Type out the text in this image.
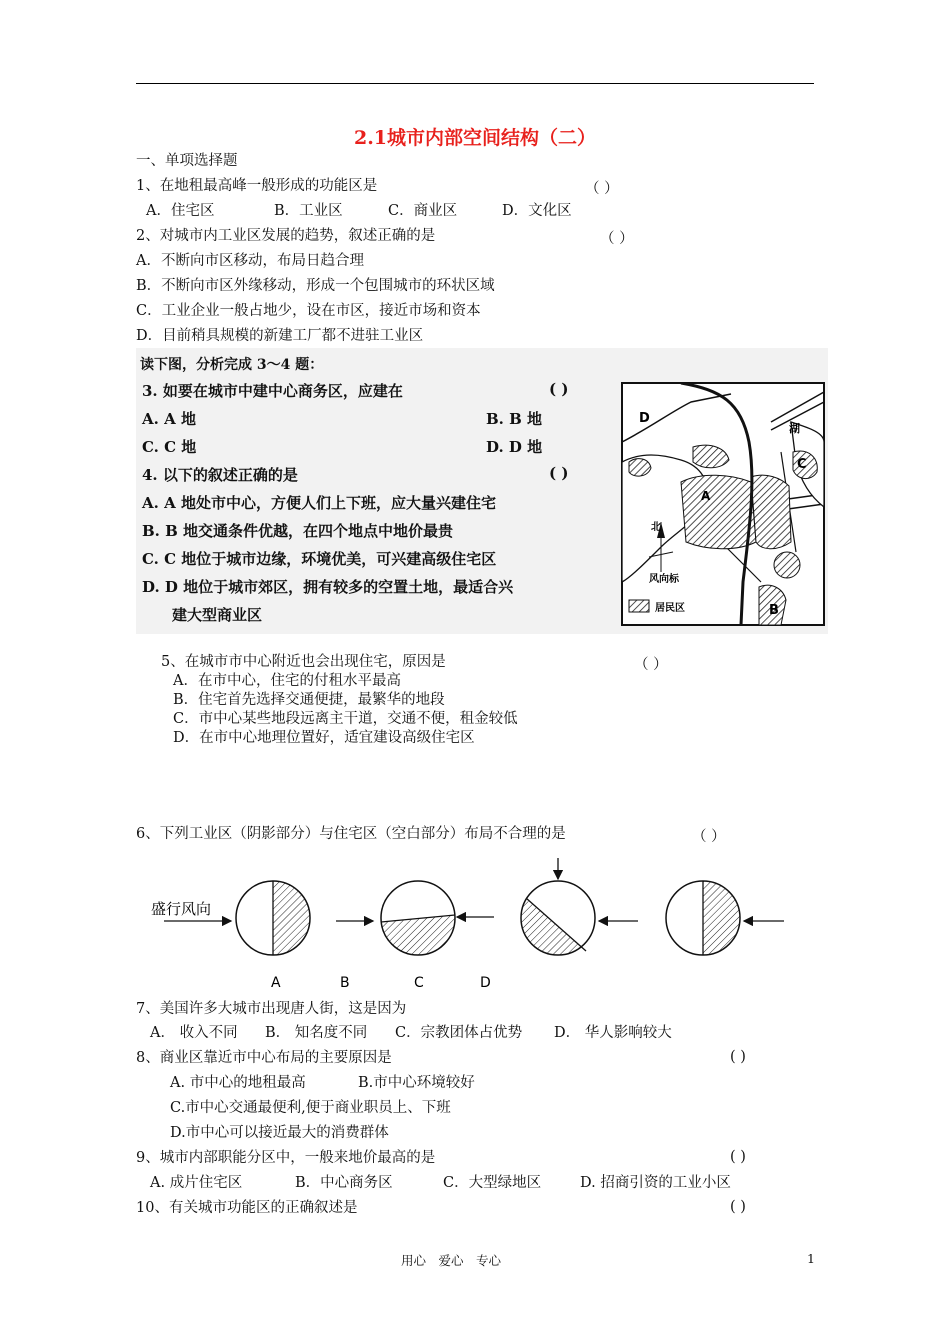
2.1城市内部空间结构（二）
一、单项选择题
1、在地租最高峰一般形成的功能区是	（ ）
A．住宅区	B．工业区	C．商业区	D．文化区
2、对城市内工业区发展的趋势，叙述正确的是	（ ）
A．不断向市区移动，布局日趋合理
B．不断向市区外缘移动，形成一个包围城市的环状区域
C．工业企业一般占地少，设在市区，接近市场和资本
D．目前稍具规模的新建工厂都不进驻工业区
读下图，分析完成 3～4 题：
3. 如要在城市中建中心商务区，应建在	( )
A. A 地	B. B 地
C. C 地	D. D 地
4. 以下的叙述正确的是	( )
A. A 地处市中心，方便人们上下班，应大量兴建住宅
B. B 地交通条件优越，在四个地点中地价最贵
C. C 地位于城市边缘，环境优美，可兴建高级住宅区
D. D 地位于城市郊区，拥有较多的空置土地，最适合兴
建大型商业区
D
湖
C
A
北
风向标
居民区	B
5、在城市市中心附近也会出现住宅，原因是	（ ）
A．在市中心，住宅的付租水平最高
B．住宅首先选择交通便捷，最繁华的地段
C．市中心某些地段远离主干道，交通不便，租金较低
D．在市中心地理位置好，适宜建设高级住宅区
6、下列工业区（阴影部分）与住宅区（空白部分）布局不合理的是	（ ）
盛行风向
A	B	C	D
7、美国许多大城市出现唐人街，这是因为
A． 收入不同 B． 知名度不同 C．宗教团体占优势 D． 华人影响较大
8、商业区靠近市中心布局的主要原因是	( )
A. 市中心的地租最高	B.市中心环境较好
C.市中心交通最便利,便于商业职员上、下班
D.市中心可以接近最大的消费群体
9、城市内部职能分区中，一般来地价最高的是	( )
A. 成片住宅区	B．中心商务区	C．大型绿地区	D. 招商引资的工业小区
10、有关城市功能区的正确叙述是	( )
用心　爱心　专心	1
